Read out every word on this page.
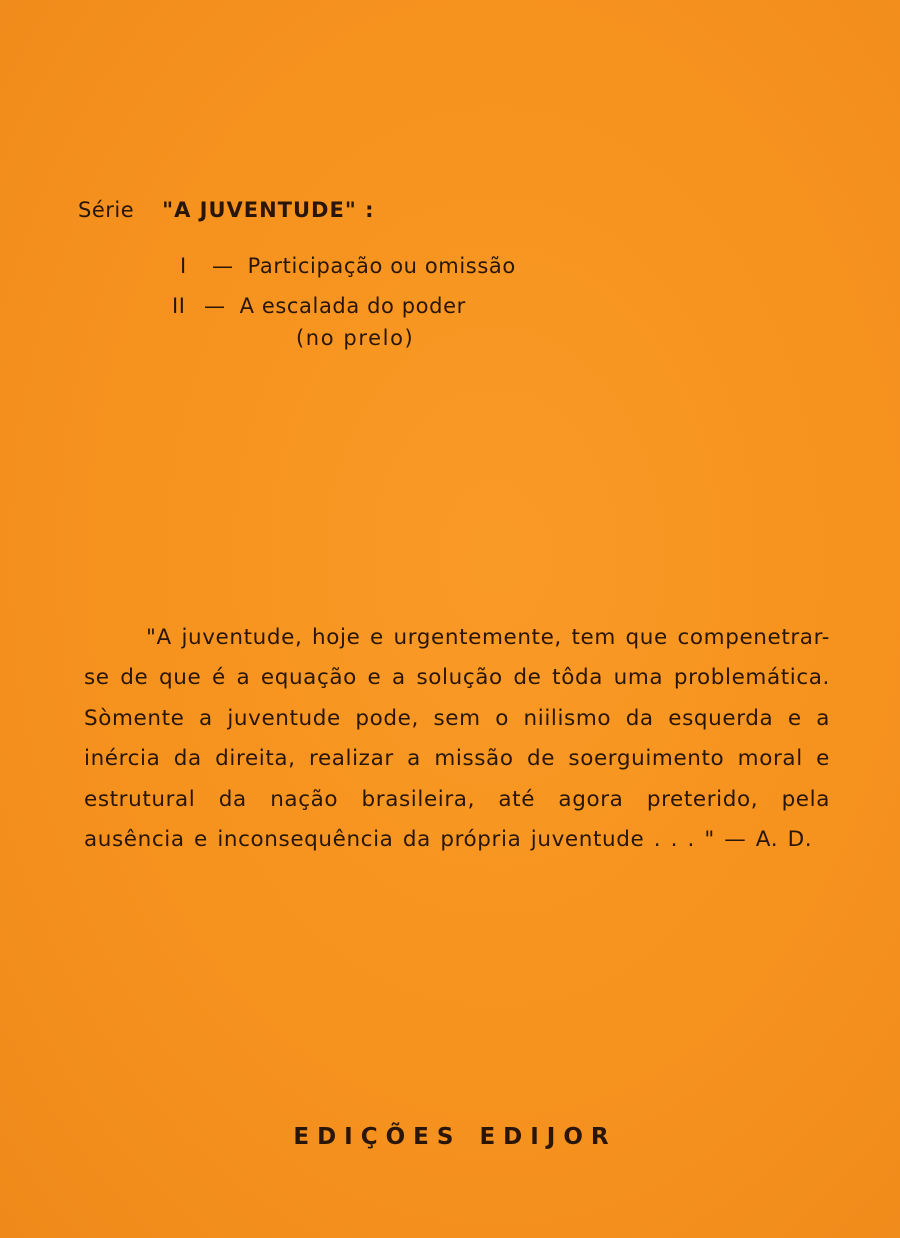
Série "A JUVENTUDE" :
I — Participação ou omissão
II — A escalada do poder
(no prelo)

"A juventude, hoje e urgentemente, tem que compenetrar-se de que é a equação e a solução de tôda uma problemática. Sòmente a juventude pode, sem o niilismo da esquerda e a inércia da direita, realizar a missão de soerguimento moral e estrutural da nação brasileira, até agora preterido, pela ausência e inconsequência da própria juventude . . . " — A. D.

EDIÇÕES EDIJOR
